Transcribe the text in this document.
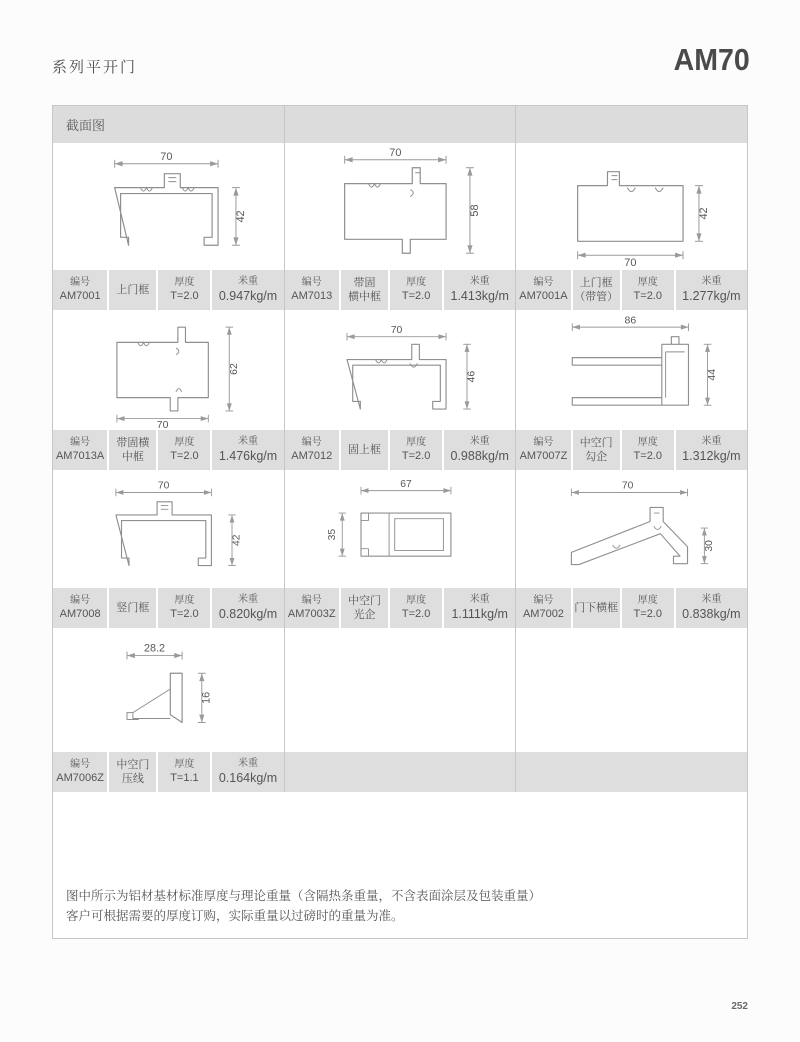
系列平开门	AM70
截面图
70
42
编号
AM7001
上门框
厚度
T=2.0
米重
0.947kg/m
70
58
编号
AM7013
带固
横中框
厚度
T=2.0
米重
1.413kg/m
70
42
编号
AM7001A
上门框
（带管）
厚度
T=2.0
米重
1.277kg/m
70
62
编号
AM7013A
带固横
中框
厚度
T=2.0
米重
1.476kg/m
70
46
编号
AM7012
固上框
厚度
T=2.0
米重
0.988kg/m
86
44
编号
AM7007Z
中空门
勾企
厚度
T=2.0
米重
1.312kg/m
70
42
编号
AM7008
竖门框
厚度
T=2.0
米重
0.820kg/m
67
35
编号
AM7003Z
中空门
光企
厚度
T=2.0
米重
1.111kg/m
70
30
编号
AM7002
门下横框
厚度
T=2.0
米重
0.838kg/m
28.2
16
编号
AM7006Z
中空门
压线
厚度
T=1.1
米重
0.164kg/m
图中所示为铝材基材标准厚度与理论重量（含隔热条重量，不含表面涂层及包装重量）
客户可根据需要的厚度订购，实际重量以过磅时的重量为准。
252
